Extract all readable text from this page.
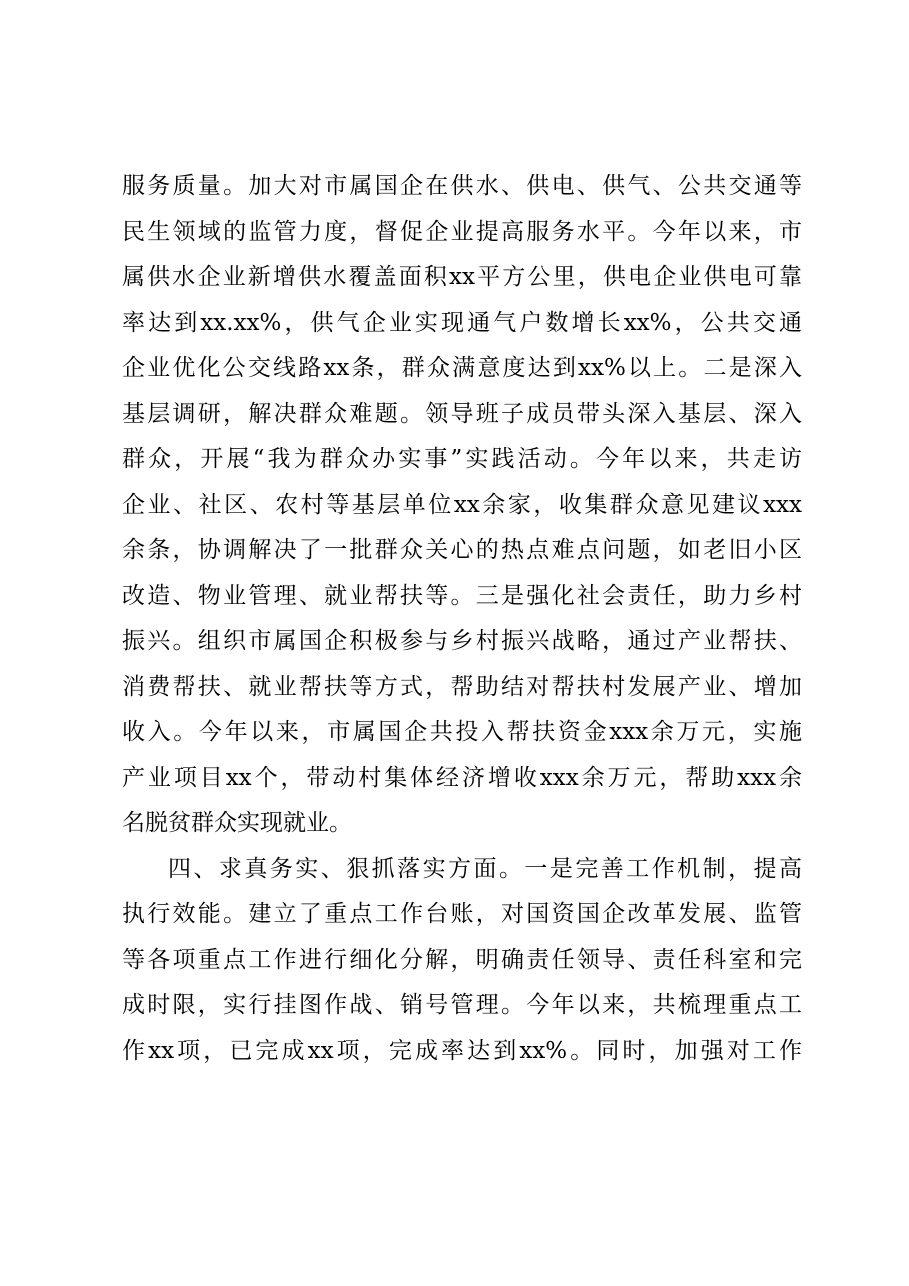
服务质量。加大对市属国企在供水、供电、供气、公共交通等
民生领域的监管力度，督促企业提高服务水平。今年以来，市
属供水企业新增供水覆盖面积xx平方公里，供电企业供电可靠
率达到xx.xx%，供气企业实现通气户数增长xx%，公共交通
企业优化公交线路xx条，群众满意度达到xx%以上。二是深入
基层调研，解决群众难题。领导班子成员带头深入基层、深入
群众，开展“我为群众办实事”实践活动。今年以来，共走访
企业、社区、农村等基层单位xx余家，收集群众意见建议xxx
余条，协调解决了一批群众关心的热点难点问题，如老旧小区
改造、物业管理、就业帮扶等。三是强化社会责任，助力乡村
振兴。组织市属国企积极参与乡村振兴战略，通过产业帮扶、
消费帮扶、就业帮扶等方式，帮助结对帮扶村发展产业、增加
收入。今年以来，市属国企共投入帮扶资金xxx余万元，实施
产业项目xx个，带动村集体经济增收xxx余万元，帮助xxx余
名脱贫群众实现就业。
四、求真务实、狠抓落实方面。一是完善工作机制，提高
执行效能。建立了重点工作台账，对国资国企改革发展、监管
等各项重点工作进行细化分解，明确责任领导、责任科室和完
成时限，实行挂图作战、销号管理。今年以来，共梳理重点工
作xx项，已完成xx项，完成率达到xx%。同时，加强对工作
